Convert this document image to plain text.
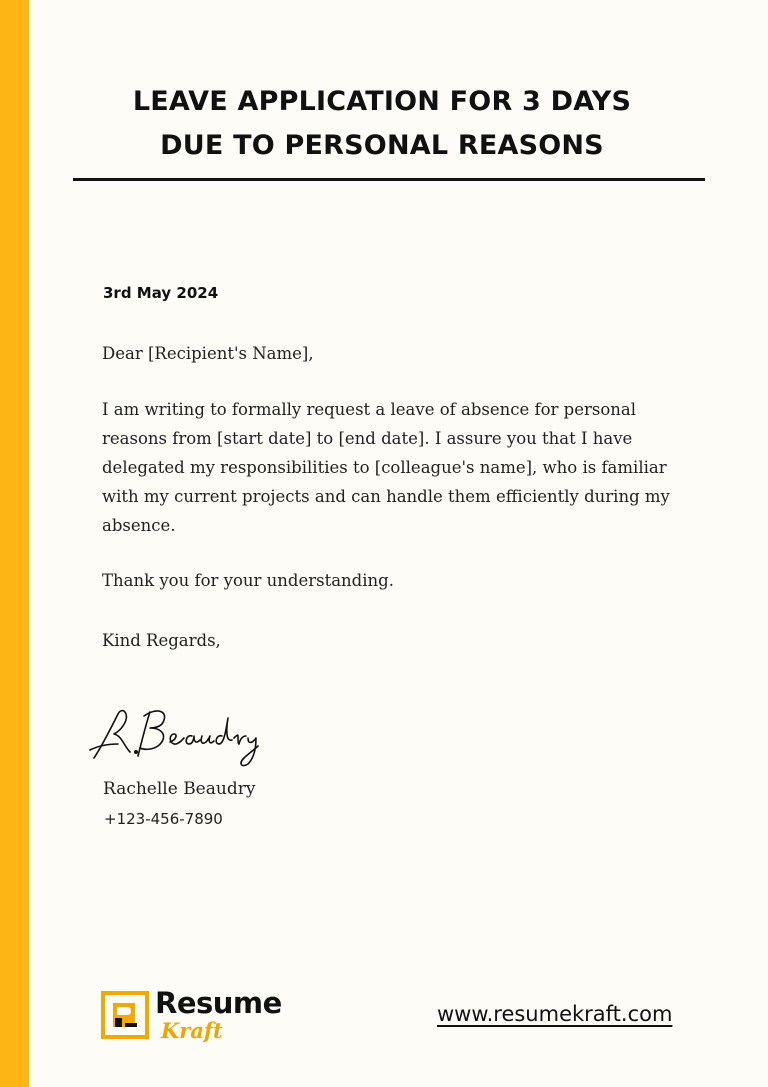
LEAVE APPLICATION FOR 3 DAYS
DUE TO PERSONAL REASONS
3rd May 2024
Dear [Recipient's Name],
I am writing to formally request a leave of absence for personal reasons from [start date] to [end date]. I assure you that I have delegated my responsibilities to [colleague's name], who is familiar with my current projects and can handle them efficiently during my absence.
Thank you for your understanding.
Kind Regards,
Rachelle Beaudry
+123-456-7890
Resume
Kraft
www.resumekraft.com
